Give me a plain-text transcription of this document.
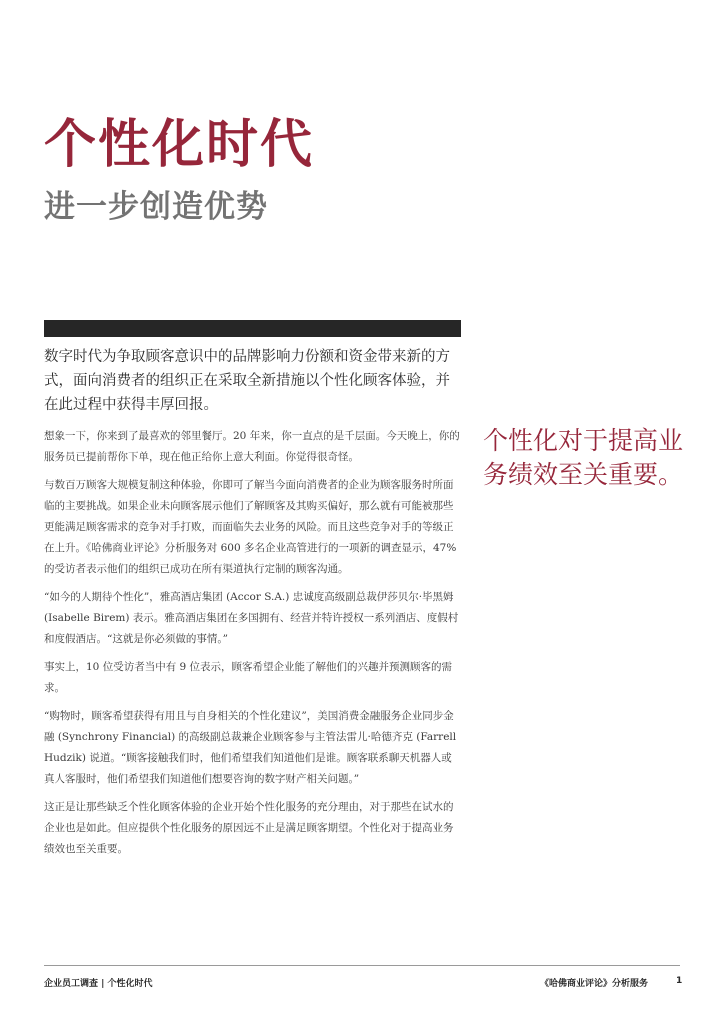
个性化时代
进一步创造优势

数字时代为争取顾客意识中的品牌影响力份额和资金带来新的方式，面向消费者的组织正在采取全新措施以个性化顾客体验，并在此过程中获得丰厚回报。

想象一下，你来到了最喜欢的邻里餐厅。20 年来，你一直点的是千层面。今天晚上，你的服务员已提前帮你下单，现在他正给你上意大利面。你觉得很奇怪。

与数百万顾客大规模复制这种体验，你即可了解当今面向消费者的企业为顾客服务时所面临的主要挑战。如果企业未向顾客展示他们了解顾客及其购买偏好，那么就有可能被那些更能满足顾客需求的竞争对手打败，而面临失去业务的风险。而且这些竞争对手的等级正在上升。《哈佛商业评论》分析服务对 600 多名企业高管进行的一项新的调查显示，47% 的受访者表示他们的组织已成功在所有渠道执行定制的顾客沟通。

“如今的人期待个性化”，雅高酒店集团 (Accor S.A.) 忠诚度高级副总裁伊莎贝尔·毕黑姆 (Isabelle Birem) 表示。雅高酒店集团在多国拥有、经营并特许授权一系列酒店、度假村和度假酒店。“这就是你必须做的事情。”

事实上，10 位受访者当中有 9 位表示，顾客希望企业能了解他们的兴趣并预测顾客的需求。

“购物时，顾客希望获得有用且与自身相关的个性化建议”，美国消费金融服务企业同步金融 (Synchrony Financial) 的高级副总裁兼企业顾客参与主管法雷儿·哈德齐克 (Farrell Hudzik) 说道。“顾客接触我们时，他们希望我们知道他们是谁。顾客联系聊天机器人或真人客服时，他们希望我们知道他们想要咨询的数字财产相关问题。”

这正是让那些缺乏个性化顾客体验的企业开始个性化服务的充分理由，对于那些在试水的企业也是如此。但应提供个性化服务的原因远不止是满足顾客期望。个性化对于提高业务绩效也至关重要。

个性化对于提高业务绩效至关重要。

企业员工调查 | 个性化时代	《哈佛商业评论》分析服务	1
